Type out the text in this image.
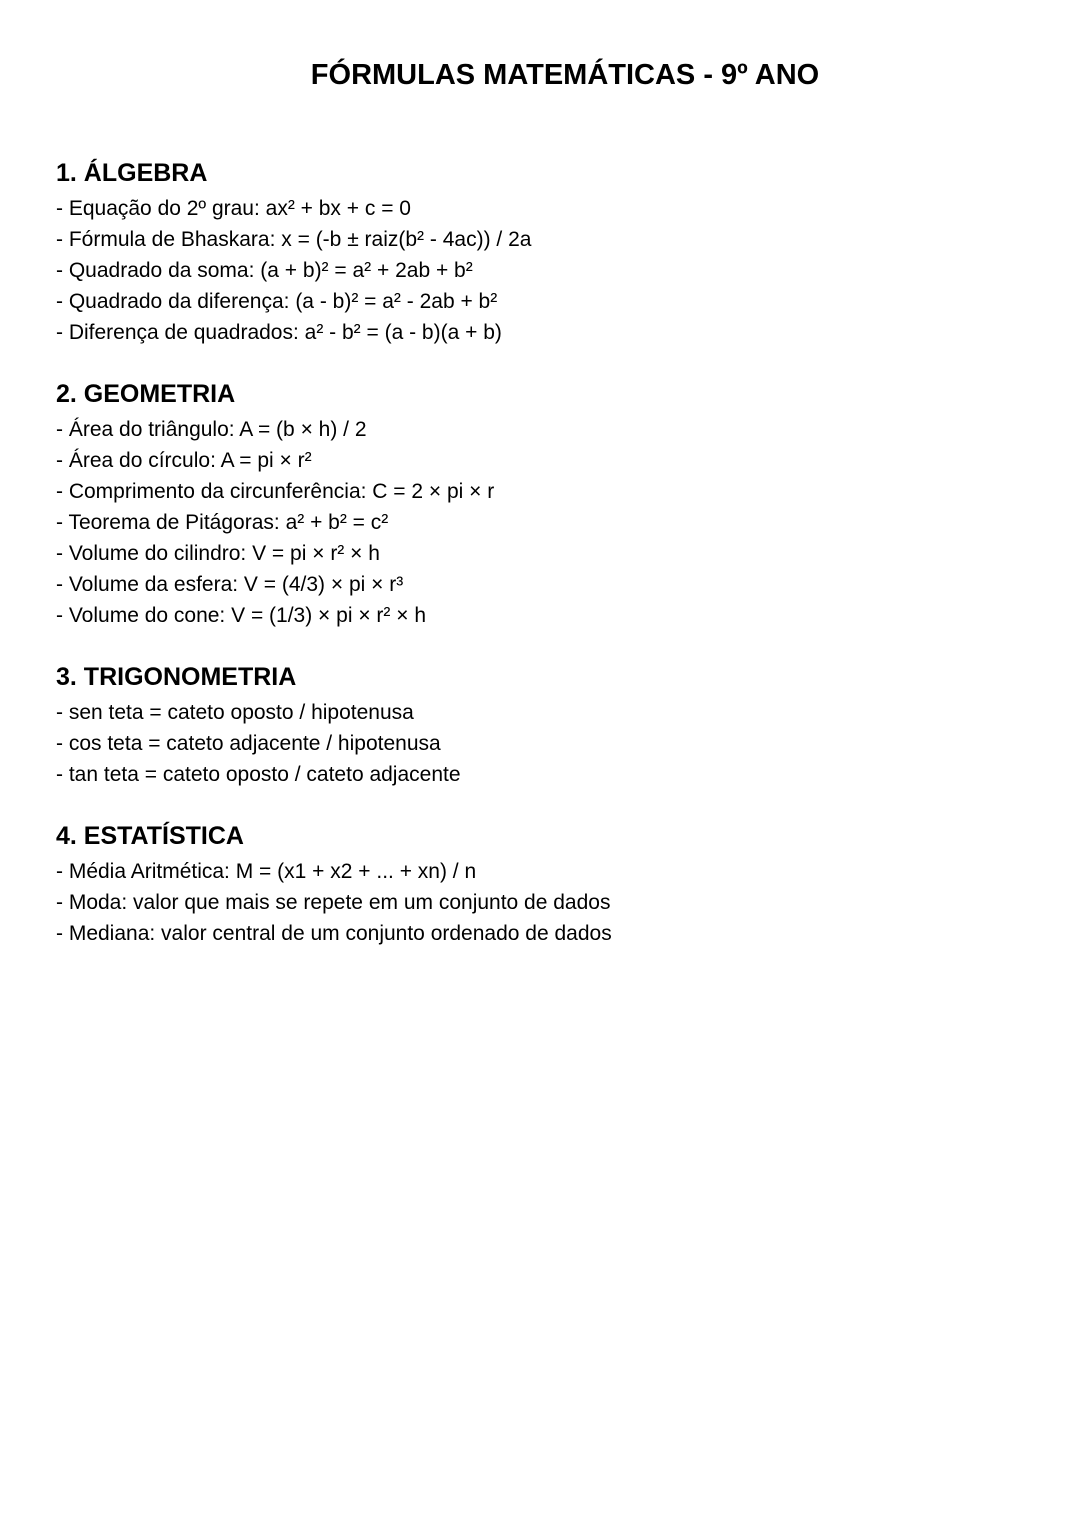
FÓRMULAS MATEMÁTICAS - 9º ANO
1. ÁLGEBRA
- Equação do 2º grau: ax² + bx + c = 0
- Fórmula de Bhaskara: x = (-b ± raiz(b² - 4ac)) / 2a
- Quadrado da soma: (a + b)² = a² + 2ab + b²
- Quadrado da diferença: (a - b)² = a² - 2ab + b²
- Diferença de quadrados: a² - b² = (a - b)(a + b)
2. GEOMETRIA
- Área do triângulo: A = (b × h) / 2
- Área do círculo: A = pi × r²
- Comprimento da circunferência: C = 2 × pi × r
- Teorema de Pitágoras: a² + b² = c²
- Volume do cilindro: V = pi × r² × h
- Volume da esfera: V = (4/3) × pi × r³
- Volume do cone: V = (1/3) × pi × r² × h
3. TRIGONOMETRIA
- sen teta = cateto oposto / hipotenusa
- cos teta = cateto adjacente / hipotenusa
- tan teta = cateto oposto / cateto adjacente
4. ESTATÍSTICA
- Média Aritmética: M = (x1 + x2 + ... + xn) / n
- Moda: valor que mais se repete em um conjunto de dados
- Mediana: valor central de um conjunto ordenado de dados
